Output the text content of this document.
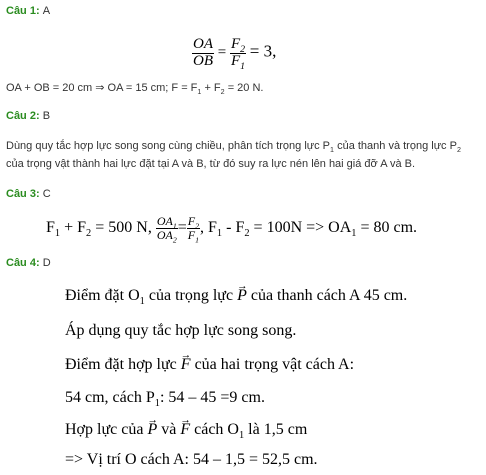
Câu 1: A
$\frac{OA}{OB} = \frac{F_2}{F_1} = 3$,
OA + OB = 20 cm ⇒ OA = 15 cm; $F = F_1 + F_2 = 20$ N.
Câu 2: B
Dùng quy tắc hợp lực song song cùng chiều, phân tích trọng lực $P_1$ của thanh và trọng lực $P_2$
của trọng vật thành hai lực đặt tại A và B, từ đó suy ra lực nén lên hai giá đỡ A và B.
Câu 3: C
$F_1 + F_2 = 500$ N, $\frac{OA_1}{OA_2} = \frac{F_2}{F_1}$ , $F_1 - F_2 = 100N => OA_1 = 80$ cm.
Câu 4: D
Điểm đặt $O_1$ của trọng lực → P của thanh cách A 45 cm.
Áp dụng quy tắc hợp lực song song.
Điểm đặt hợp lực → F của hai trọng vật cách A:
54 cm, cách $P_1$: 54 – 45 =9 cm.
Hợp lực của → P và → F cách $O_1$ là 1,5 cm
=> Vị trí O cách A: 54 – 1,5 = 52,5 cm.
